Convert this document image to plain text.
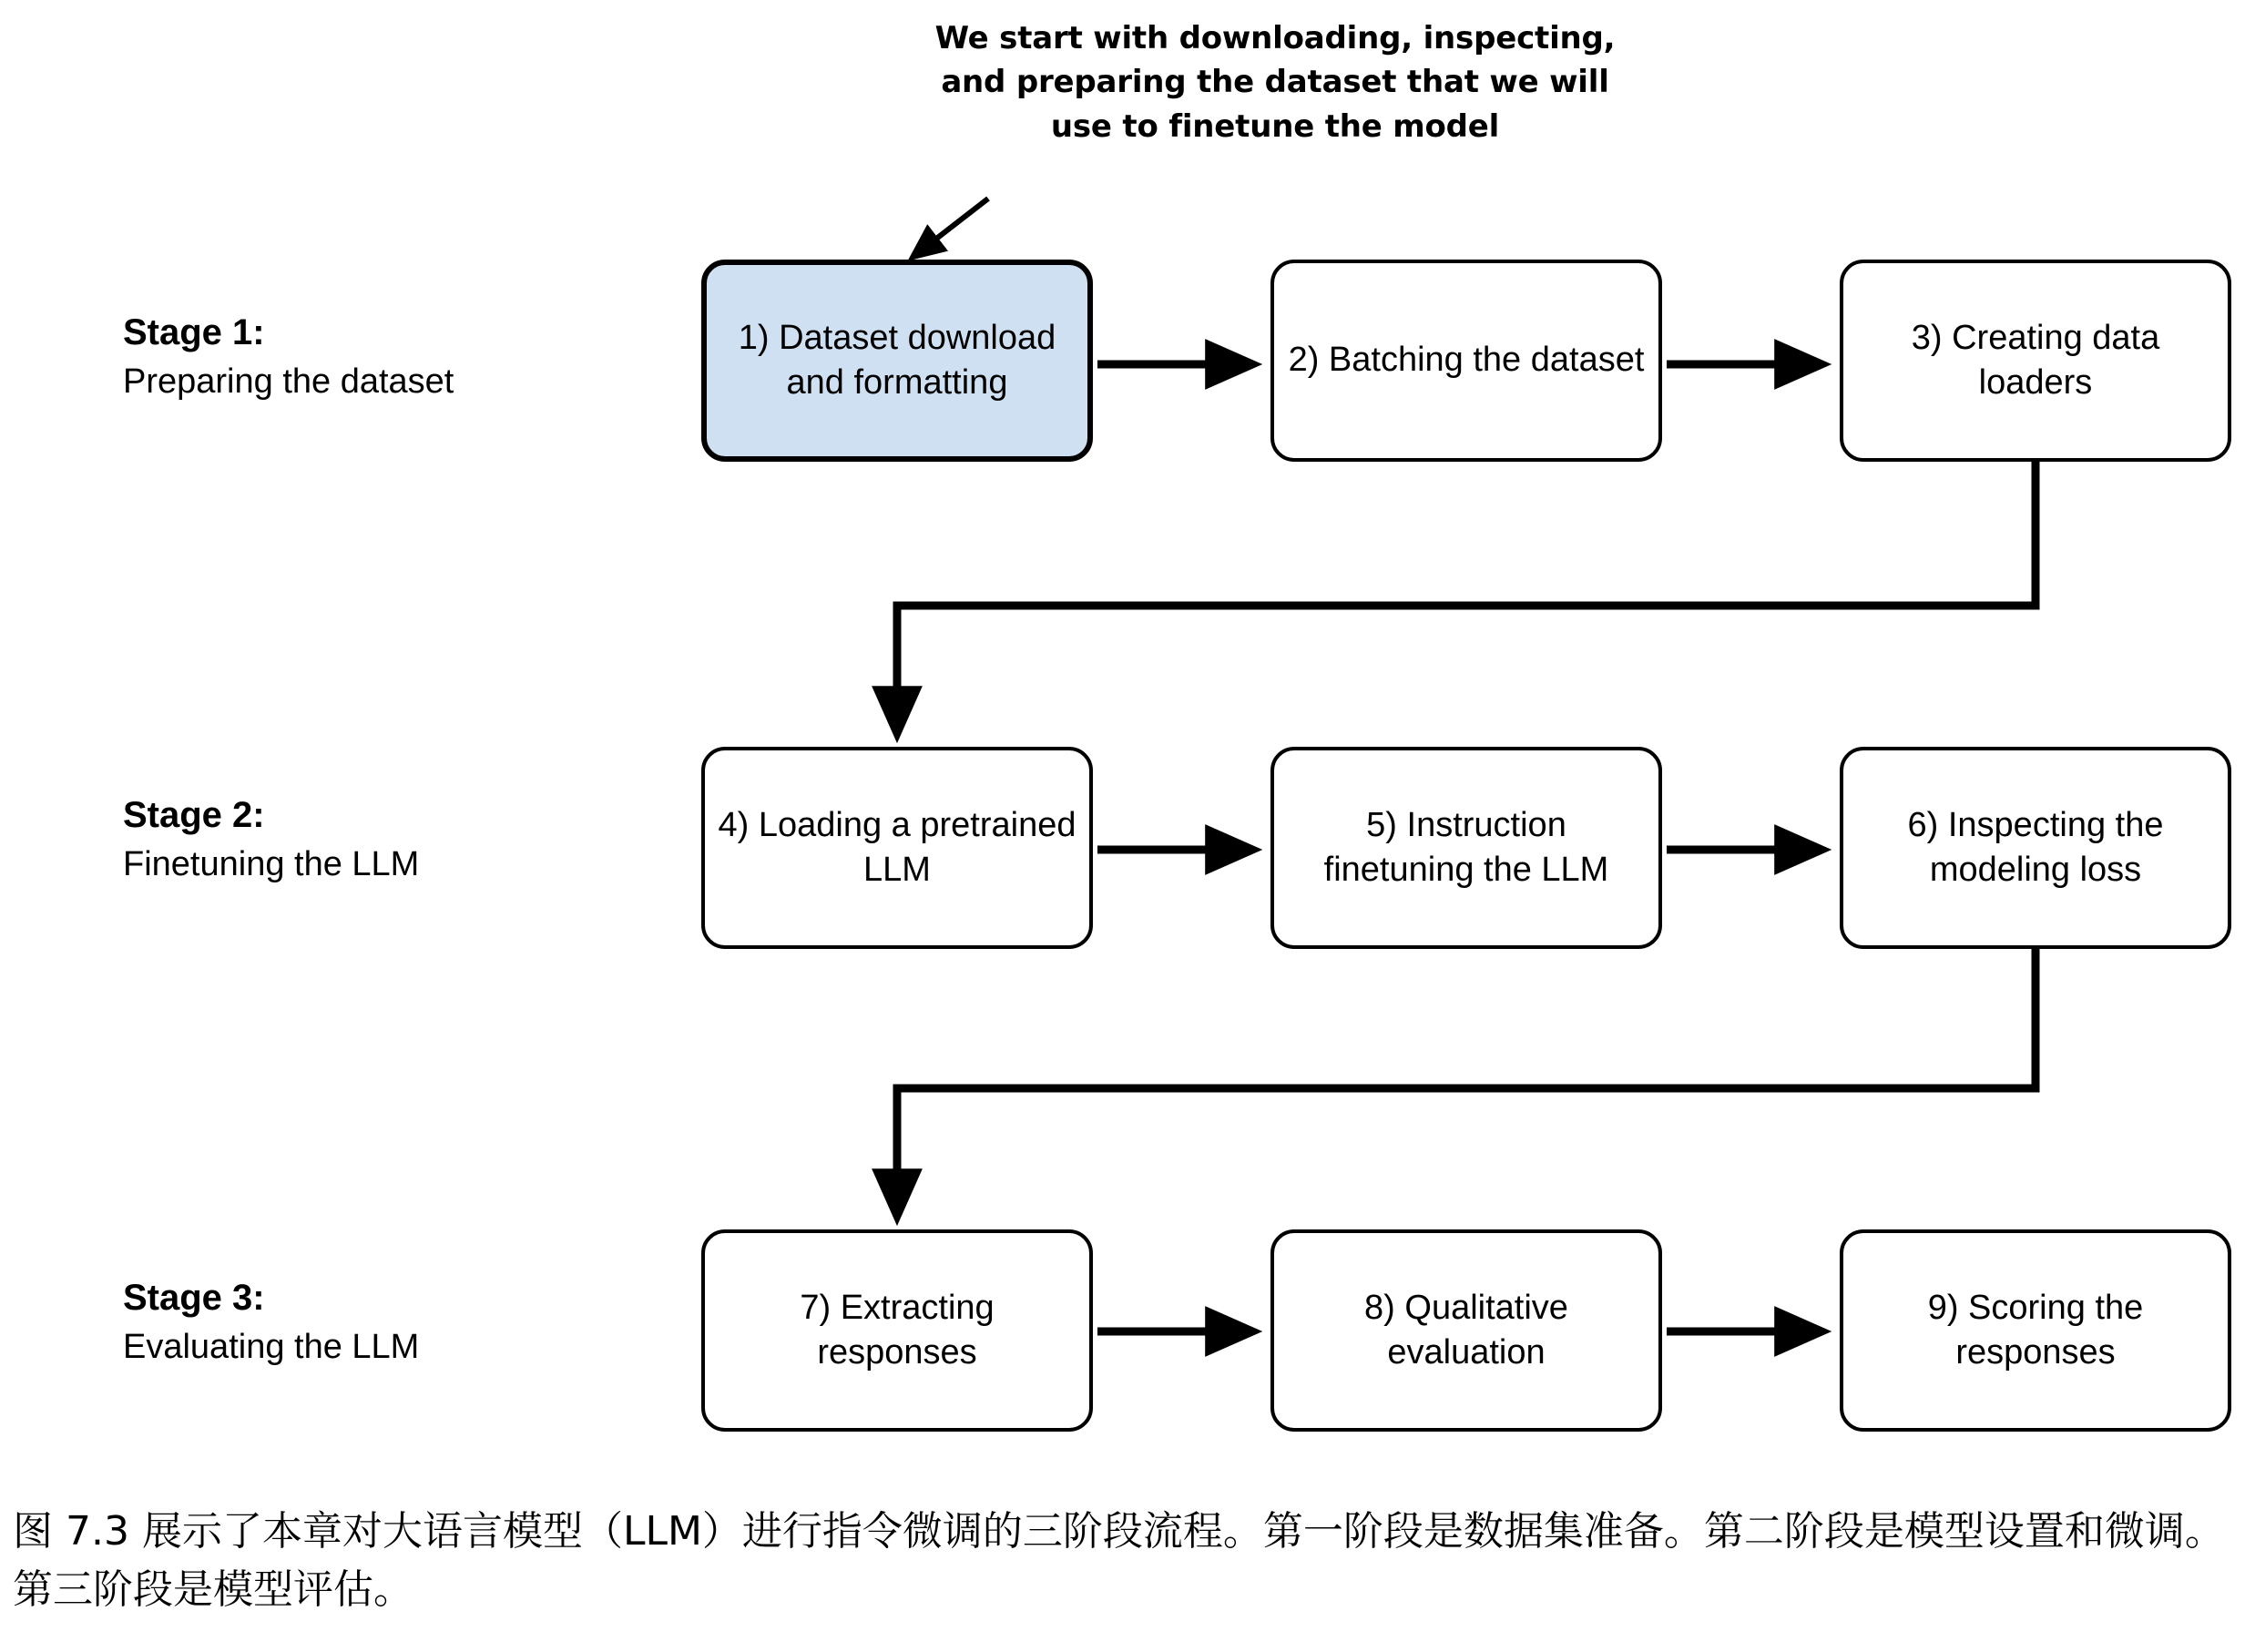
We start with downloading, inspecting,
and preparing the dataset that we will
use to finetune the model
Stage 1:
Preparing the dataset
Stage 2:
Finetuning the LLM
Stage 3:
Evaluating the LLM
1) Dataset download and formatting
2) Batching the dataset
3) Creating data loaders
4) Loading a pretrained LLM
5) Instruction finetuning the LLM
6) Inspecting the modeling loss
7) Extracting responses
8) Qualitative evaluation
9) Scoring the responses
图 7.3 展示了本章对大语言模型（LLM）进行指令微调的三阶段流程。第一阶段是数据集准备。第二阶段是模型设置和微调。第三阶段是模型评估。
